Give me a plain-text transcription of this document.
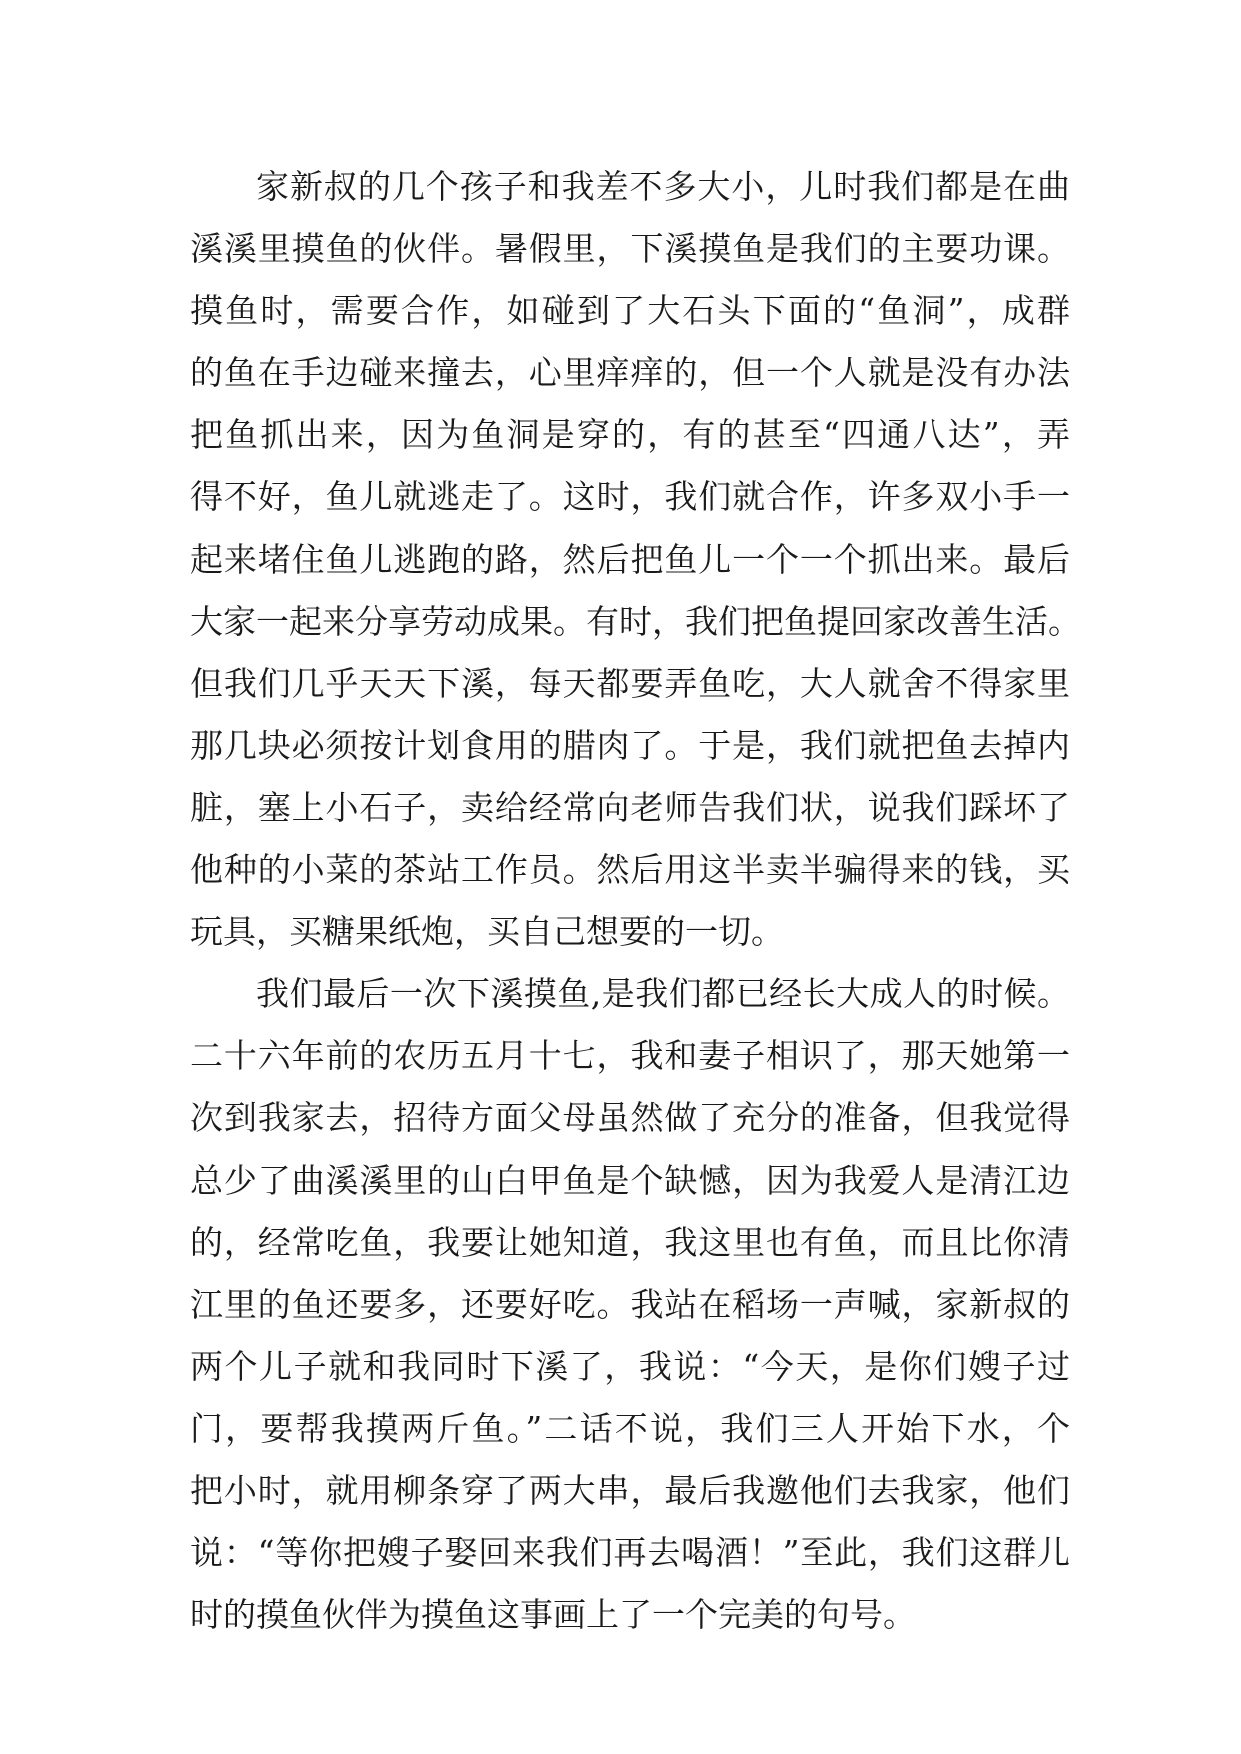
家新叔的几个孩子和我差不多大小，儿时我们都是在曲
溪溪里摸鱼的伙伴。暑假里，下溪摸鱼是我们的主要功课。
摸鱼时，需要合作，如碰到了大石头下面的“鱼洞”，成群
的鱼在手边碰来撞去，心里痒痒的，但一个人就是没有办法
把鱼抓出来，因为鱼洞是穿的，有的甚至“四通八达”，弄
得不好，鱼儿就逃走了。这时，我们就合作，许多双小手一
起来堵住鱼儿逃跑的路，然后把鱼儿一个一个抓出来。最后
大家一起来分享劳动成果。有时，我们把鱼提回家改善生活。
但我们几乎天天下溪，每天都要弄鱼吃，大人就舍不得家里
那几块必须按计划食用的腊肉了。于是，我们就把鱼去掉内
脏，塞上小石子，卖给经常向老师告我们状，说我们踩坏了
他种的小菜的茶站工作员。然后用这半卖半骗得来的钱，买
玩具，买糖果纸炮，买自己想要的一切。
我们最后一次下溪摸鱼,是我们都已经长大成人的时候。
二十六年前的农历五月十七，我和妻子相识了，那天她第一
次到我家去，招待方面父母虽然做了充分的准备，但我觉得
总少了曲溪溪里的山白甲鱼是个缺憾，因为我爱人是清江边
的，经常吃鱼，我要让她知道，我这里也有鱼，而且比你清
江里的鱼还要多，还要好吃。我站在稻场一声喊，家新叔的
两个儿子就和我同时下溪了，我说：“今天，是你们嫂子过
门，要帮我摸两斤鱼。”二话不说，我们三人开始下水，个
把小时，就用柳条穿了两大串，最后我邀他们去我家，他们
说：“等你把嫂子娶回来我们再去喝酒！”至此，我们这群儿
时的摸鱼伙伴为摸鱼这事画上了一个完美的句号。
